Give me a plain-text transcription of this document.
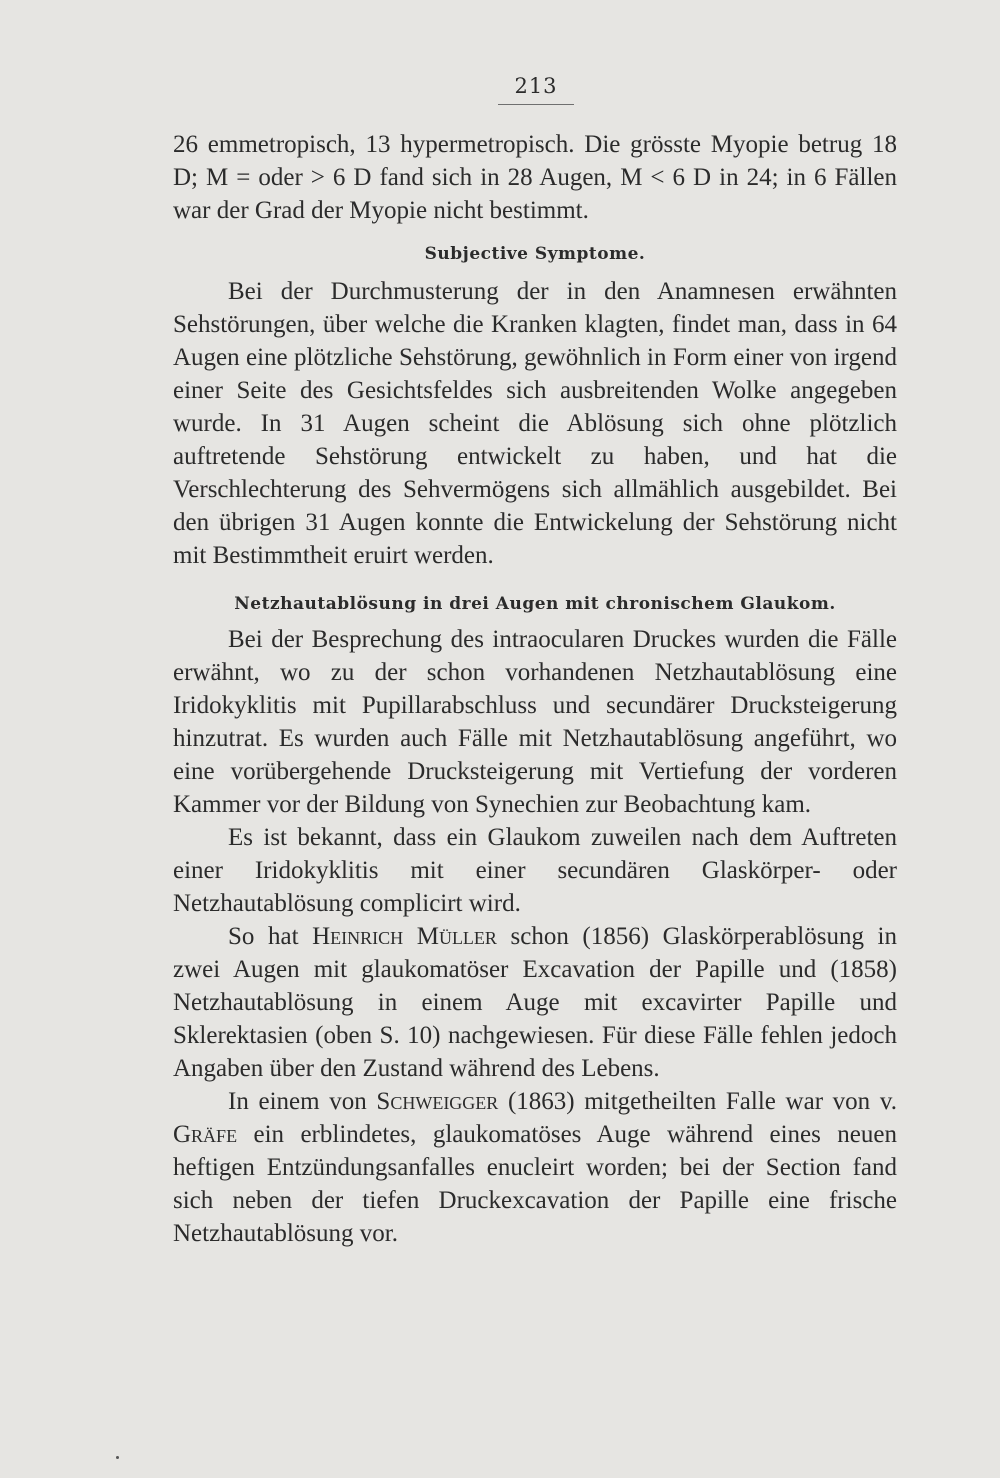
213

26 emmetropisch, 13 hypermetropisch. Die grösste Myopie betrug 18 D; M = oder > 6 D fand sich in 28 Augen, M < 6 D in 24; in 6 Fällen war der Grad der Myopie nicht bestimmt.

Subjective Symptome.

Bei der Durchmusterung der in den Anamnesen erwähnten Sehstörungen, über welche die Kranken klagten, findet man, dass in 64 Augen eine plötzliche Sehstörung, gewöhnlich in Form einer von irgend einer Seite des Gesichtsfeldes sich ausbreitenden Wolke angegeben wurde. In 31 Augen scheint die Ablösung sich ohne plötzlich auftretende Sehstörung entwickelt zu haben, und hat die Verschlechterung des Sehvermögens sich allmählich ausgebildet. Bei den übrigen 31 Augen konnte die Entwickelung der Sehstörung nicht mit Bestimmtheit eruirt werden.

Netzhautablösung in drei Augen mit chronischem Glaukom.

Bei der Besprechung des intraocularen Druckes wurden die Fälle erwähnt, wo zu der schon vorhandenen Netzhautablösung eine Iridokyklitis mit Pupillarabschluss und secundärer Drucksteigerung hinzutrat. Es wurden auch Fälle mit Netzhautablösung angeführt, wo eine vorübergehende Drucksteigerung mit Vertiefung der vorderen Kammer vor der Bildung von Synechien zur Beobachtung kam.

Es ist bekannt, dass ein Glaukom zuweilen nach dem Auftreten einer Iridokyklitis mit einer secundären Glaskörper- oder Netzhautablösung complicirt wird.

So hat Heinrich Müller schon (1856) Glaskörperablösung in zwei Augen mit glaukomatöser Excavation der Papille und (1858) Netzhautablösung in einem Auge mit excavirter Papille und Sklerektasien (oben S. 10) nachgewiesen. Für diese Fälle fehlen jedoch Angaben über den Zustand während des Lebens.

In einem von Schweigger (1863) mitgetheilten Falle war von v. Gräfe ein erblindetes, glaukomatöses Auge während eines neuen heftigen Entzündungsanfalles enucleirt worden; bei der Section fand sich neben der tiefen Druckexcavation der Papille eine frische Netzhautablösung vor.
